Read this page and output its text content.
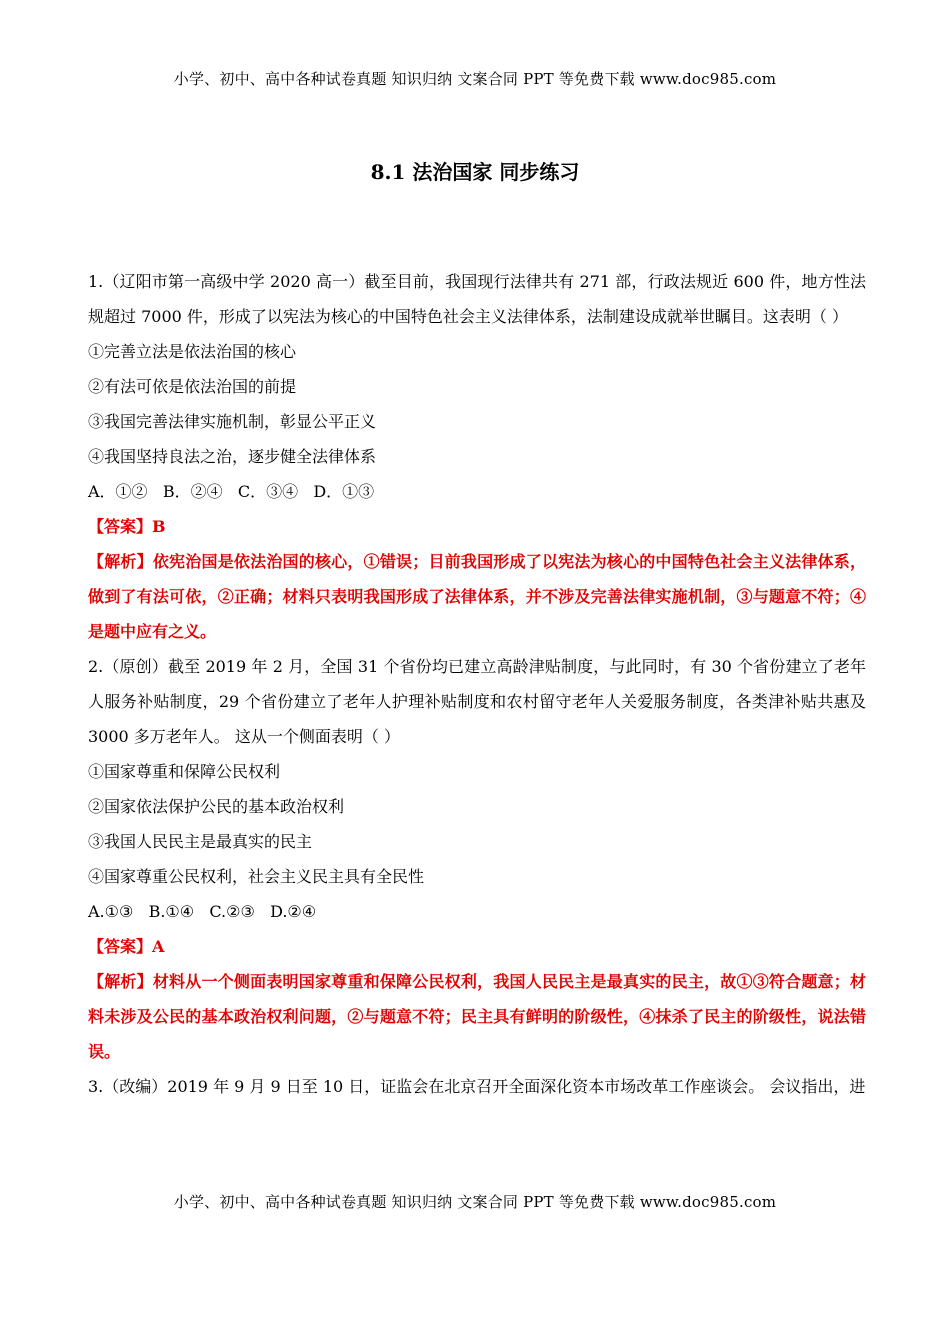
小学、初中、高中各种试卷真题 知识归纳 文案合同 PPT 等免费下载 www.doc985.com
8.1 法治国家 同步练习

1.（辽阳市第一高级中学 2020 高一）截至目前，我国现行法律共有 271 部，行政法规近 600 件，地方性法规超过 7000 件，形成了以宪法为核心的中国特色社会主义法律体系，法制建设成就举世瞩目。这表明（ ）

①完善立法是依法治国的核心

②有法可依是依法治国的前提

③我国完善法律实施机制，彰显公平正义

④我国坚持良法之治，逐步健全法律体系

A．①②   B．②④   C．③④   D．①③

【答案】B

【解析】依宪治国是依法治国的核心，①错误；目前我国形成了以宪法为核心的中国特色社会主义法律体系，做到了有法可依，②正确；材料只表明我国形成了法律体系，并不涉及完善法律实施机制，③与题意不符；④是题中应有之义。

2.（原创）截至 2019 年 2 月，全国 31 个省份均已建立高龄津贴制度，与此同时，有 30 个省份建立了老年人服务补贴制度，29 个省份建立了老年人护理补贴制度和农村留守老年人关爱服务制度，各类津补贴共惠及 3000 多万老年人。 这从一个侧面表明（ ）

①国家尊重和保障公民权利

②国家依法保护公民的基本政治权利

③我国人民民主是最真实的民主

④国家尊重公民权利，社会主义民主具有全民性

A.①③   B.①④   C.②③   D.②④

【答案】A

【解析】材料从一个侧面表明国家尊重和保障公民权利，我国人民民主是最真实的民主，故①③符合题意；材料未涉及公民的基本政治权利问题，②与题意不符；民主具有鲜明的阶级性，④抹杀了民主的阶级性，说法错误。

3.（改编）2019 年 9 月 9 日至 10 日，证监会在北京召开全面深化资本市场改革工作座谈会。 会议指出，进

小学、初中、高中各种试卷真题 知识归纳 文案合同 PPT 等免费下载 www.doc985.com
